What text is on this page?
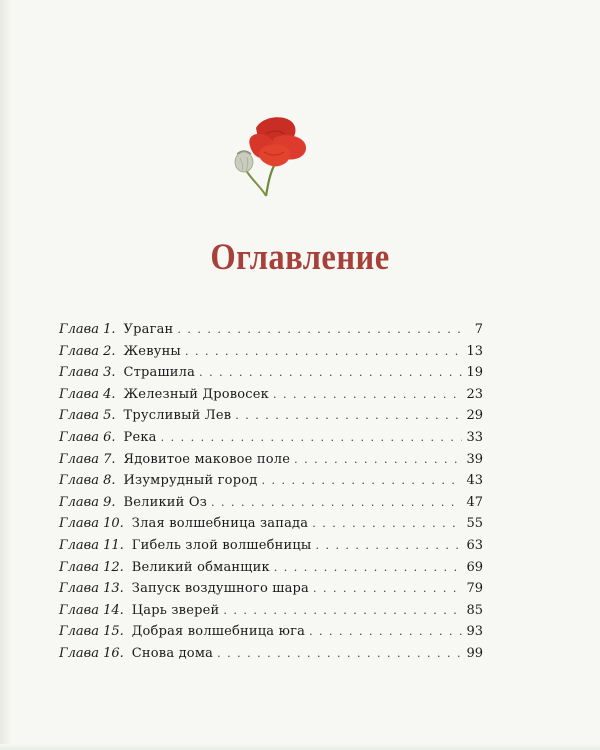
Оглавление
Глава 1. Ураган . . .	7
Глава 2. Жевуны . . .	13
Глава 3. Страшила . . .	19
Глава 4. Железный Дровосек . . .	23
Глава 5. Трусливый Лев . . .	29
Глава 6. Река . . .	33
Глава 7. Ядовитое маковое поле . . .	39
Глава 8. Изумрудный город . . .	43
Глава 9. Великий Оз . . .	47
Глава 10. Злая волшебница запада . . .	55
Глава 11. Гибель злой волшебницы . . .	63
Глава 12. Великий обманщик . . .	69
Глава 13. Запуск воздушного шара . . .	79
Глава 14. Царь зверей . . .	85
Глава 15. Добрая волшебница юга . . .	93
Глава 16. Снова дома . . .	99
